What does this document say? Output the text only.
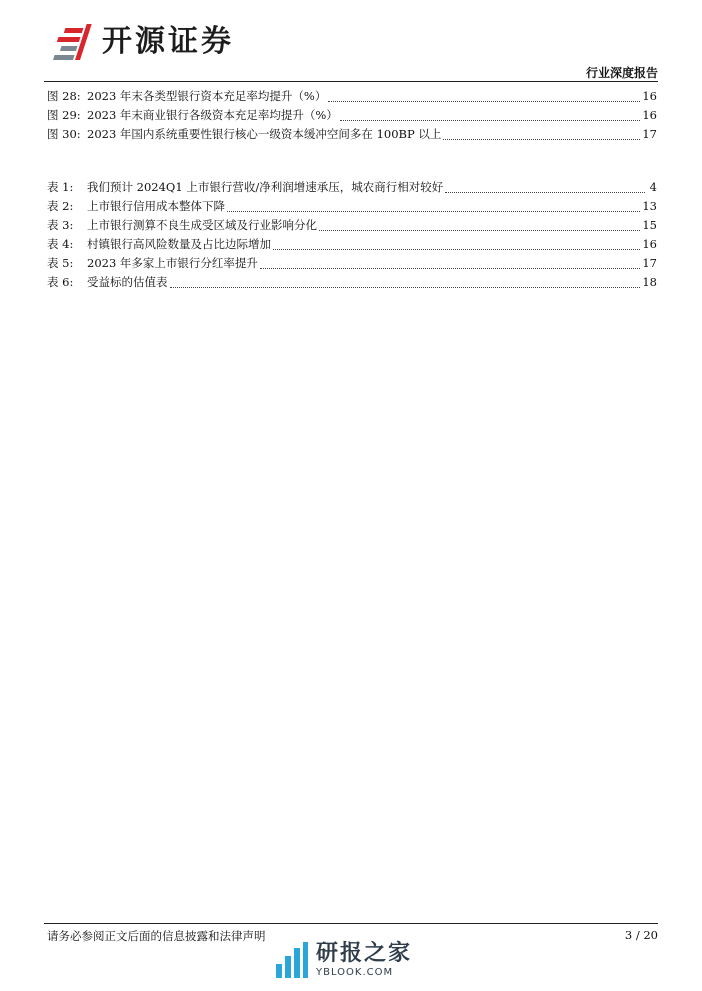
开源证券
行业深度报告
图 28: 2023 年末各类型银行资本充足率均提升（%）	16
图 29: 2023 年末商业银行各级资本充足率均提升（%）	16
图 30: 2023 年国内系统重要性银行核心一级资本缓冲空间多在 100BP 以上	17
表 1:	我们预计 2024Q1 上市银行营收/净利润增速承压，城农商行相对较好	4
表 2:	上市银行信用成本整体下降	13
表 3:	上市银行测算不良生成受区域及行业影响分化	15
表 4:	村镇银行高风险数量及占比边际增加	16
表 5:	2023 年多家上市银行分红率提升	17
表 6:	受益标的估值表	18
请务必参阅正文后面的信息披露和法律声明	3 / 20
研报之家
YBLOOK.COM
